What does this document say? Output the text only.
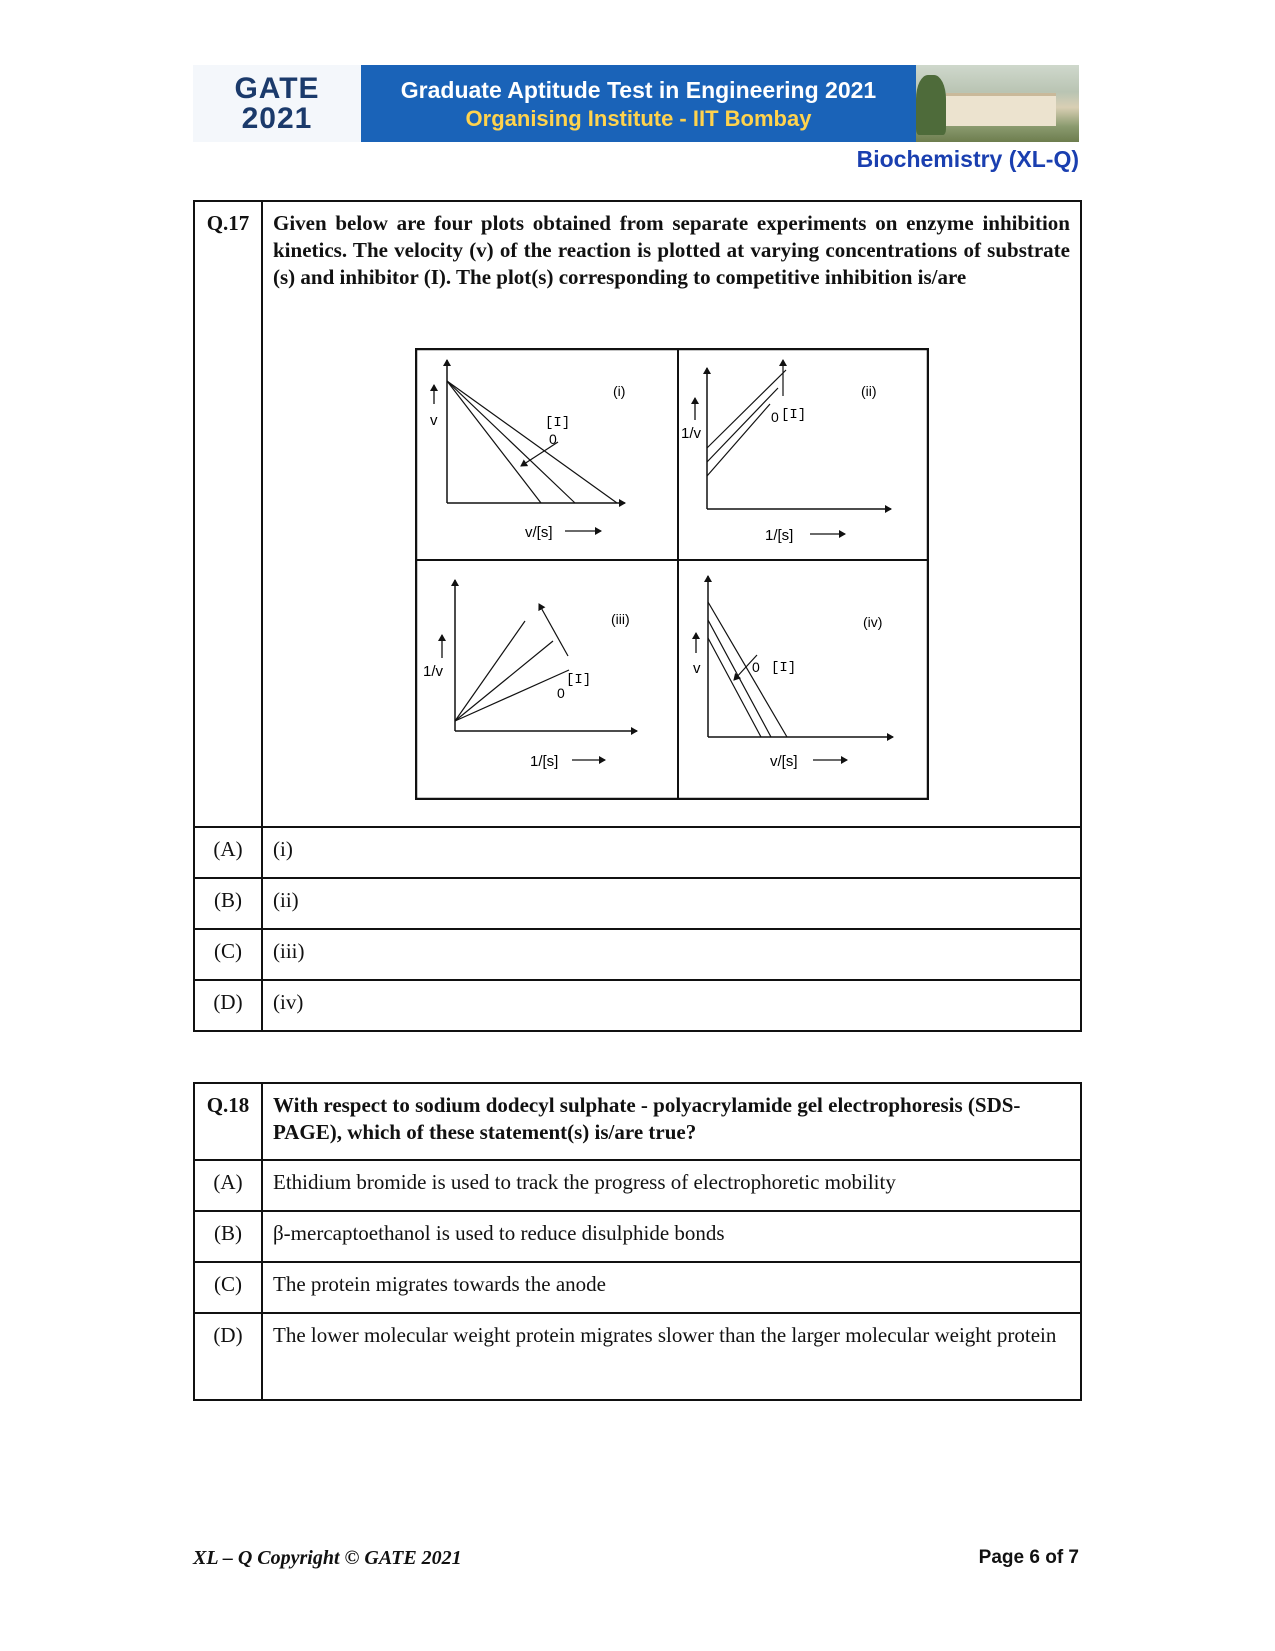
GATE
2021
Graduate Aptitude Test in Engineering 2021
Organising Institute - IIT Bombay
Biochemistry (XL-Q)
Q.17	Given below are four plots obtained from separate experiments on enzyme inhibition kinetics. The velocity (v) of the reaction is plotted at varying concentrations of substrate (s) and inhibitor (I). The plot(s) corresponding to competitive inhibition is/are
(A)	(i)
(B)	(ii)
(C)	(iii)
(D)	(iv)
v
v/[s]
(i)
[I]
0	1/v
1/[s]
(ii)
0 [I]
1/v
1/[s]
(iii)
[I]
0
v
v/[s]
(iv)
0 [I]
Q.18	With respect to sodium dodecyl sulphate - polyacrylamide gel electrophoresis (SDS-PAGE), which of these statement(s) is/are true?
(A)	Ethidium bromide is used to track the progress of electrophoretic mobility
(B)	β-mercaptoethanol is used to reduce disulphide bonds
(C)	The protein migrates towards the anode
(D)	The lower molecular weight protein migrates slower than the larger molecular weight protein
XL – Q Copyright © GATE 2021	Page 6 of 7
